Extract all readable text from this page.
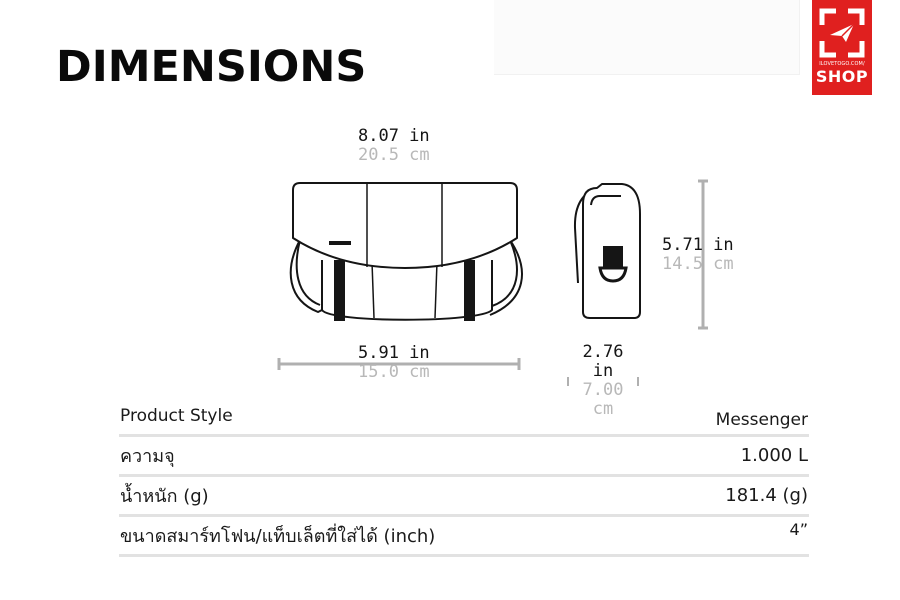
DIMENSIONS	ILOVETOGO.COM/
SHOP
8.07 in
20.5 cm
5.71 in
14.5 cm
5.91 in
15.0 cm
2.76
in
7.00
cm
Product Style	Messenger
ความจุ	1.000 L
น้ำหนัก (g)	181.4 (g)
ขนาดสมาร์ทโฟน/แท็บเล็ตที่ใส่ได้ (inch)	4”
